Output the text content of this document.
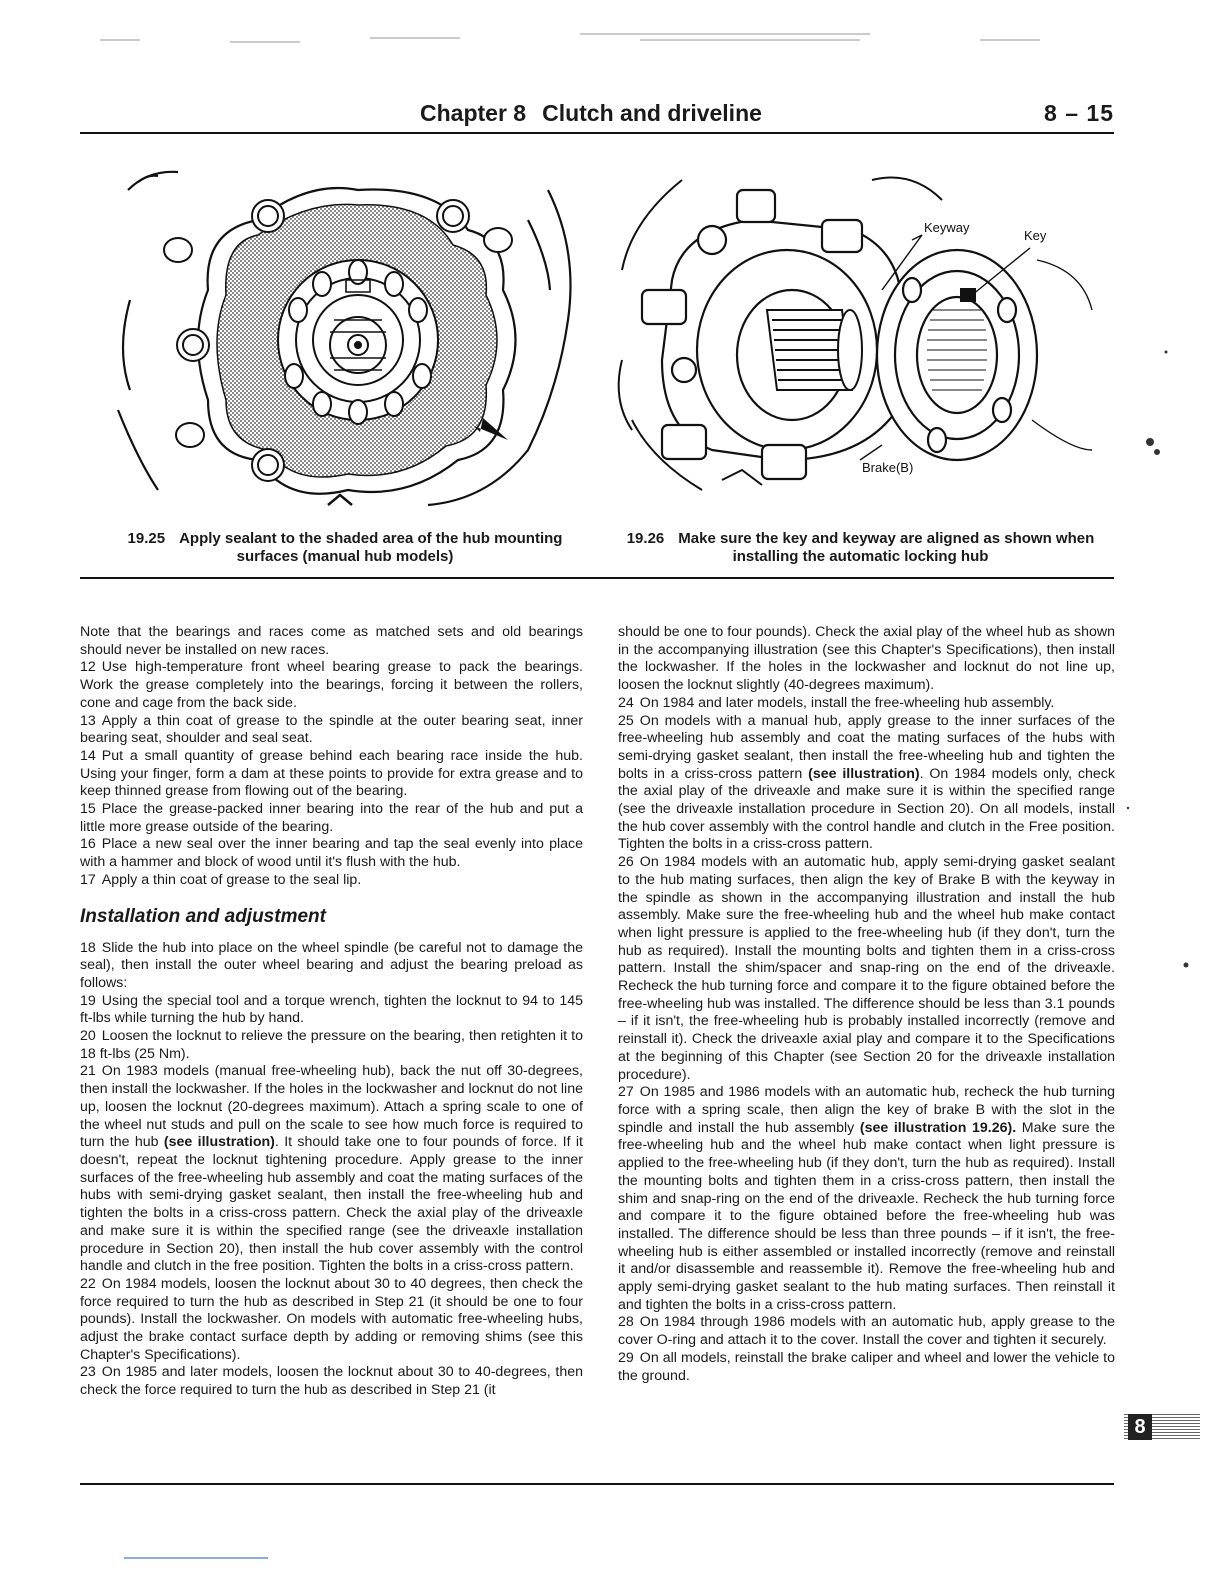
Chapter 8 Clutch and driveline	8 – 15
Keyway
Key
Brake(B)
19.25 Apply sealant to the shaded area of the hub mounting surfaces (manual hub models)
19.26 Make sure the key and keyway are aligned as shown when installing the automatic locking hub

Note that the bearings and races come as matched sets and old bearings should never be installed on new races.

12 Use high-temperature front wheel bearing grease to pack the bearings. Work the grease completely into the bearings, forcing it between the rollers, cone and cage from the back side.

13 Apply a thin coat of grease to the spindle at the outer bearing seat, inner bearing seat, shoulder and seal seat.

14 Put a small quantity of grease behind each bearing race inside the hub. Using your finger, form a dam at these points to provide for extra grease and to keep thinned grease from flowing out of the bearing.

15 Place the grease-packed inner bearing into the rear of the hub and put a little more grease outside of the bearing.

16 Place a new seal over the inner bearing and tap the seal evenly into place with a hammer and block of wood until it's flush with the hub.

17 Apply a thin coat of grease to the seal lip.

Installation and adjustment

18 Slide the hub into place on the wheel spindle (be careful not to damage the seal), then install the outer wheel bearing and adjust the bearing preload as follows:

19 Using the special tool and a torque wrench, tighten the locknut to 94 to 145 ft-lbs while turning the hub by hand.

20 Loosen the locknut to relieve the pressure on the bearing, then retighten it to 18 ft-lbs (25 Nm).

21 On 1983 models (manual free-wheeling hub), back the nut off 30-degrees, then install the lockwasher. If the holes in the lockwasher and locknut do not line up, loosen the locknut (20-degrees maximum). Attach a spring scale to one of the wheel nut studs and pull on the scale to see how much force is required to turn the hub (see illustration). It should take one to four pounds of force. If it doesn't, repeat the locknut tightening procedure. Apply grease to the inner surfaces of the free-wheeling hub assembly and coat the mating surfaces of the hubs with semi-drying gasket sealant, then install the free-wheeling hub and tighten the bolts in a criss-cross pattern. Check the axial play of the driveaxle and make sure it is within the specified range (see the driveaxle installation procedure in Section 20), then install the hub cover assembly with the control handle and clutch in the free position. Tighten the bolts in a criss-cross pattern.

22 On 1984 models, loosen the locknut about 30 to 40 degrees, then check the force required to turn the hub as described in Step 21 (it should be one to four pounds). Install the lockwasher. On models with automatic free-wheeling hubs, adjust the brake contact surface depth by adding or removing shims (see this Chapter's Specifications).

23 On 1985 and later models, loosen the locknut about 30 to 40-degrees, then check the force required to turn the hub as described in Step 21 (it

should be one to four pounds). Check the axial play of the wheel hub as shown in the accompanying illustration (see this Chapter's Specifications), then install the lockwasher. If the holes in the lockwasher and locknut do not line up, loosen the locknut slightly (40-degrees maximum).

24 On 1984 and later models, install the free-wheeling hub assembly.

25 On models with a manual hub, apply grease to the inner surfaces of the free-wheeling hub assembly and coat the mating surfaces of the hubs with semi-drying gasket sealant, then install the free-wheeling hub and tighten the bolts in a criss-cross pattern (see illustration). On 1984 models only, check the axial play of the driveaxle and make sure it is within the specified range (see the driveaxle installation procedure in Section 20). On all models, install the hub cover assembly with the control handle and clutch in the Free position. Tighten the bolts in a criss-cross pattern.

26 On 1984 models with an automatic hub, apply semi-drying gasket sealant to the hub mating surfaces, then align the key of Brake B with the keyway in the spindle as shown in the accompanying illustration and install the hub assembly. Make sure the free-wheeling hub and the wheel hub make contact when light pressure is applied to the free-wheeling hub (if they don't, turn the hub as required). Install the mounting bolts and tighten them in a criss-cross pattern. Install the shim/spacer and snap-ring on the end of the driveaxle. Recheck the hub turning force and compare it to the figure obtained before the free-wheeling hub was installed. The difference should be less than 3.1 pounds – if it isn't, the free-wheeling hub is probably installed incorrectly (remove and reinstall it). Check the driveaxle axial play and compare it to the Specifications at the beginning of this Chapter (see Section 20 for the driveaxle installation procedure).

27 On 1985 and 1986 models with an automatic hub, recheck the hub turning force with a spring scale, then align the key of brake B with the slot in the spindle and install the hub assembly (see illustration 19.26). Make sure the free-wheeling hub and the wheel hub make contact when light pressure is applied to the free-wheeling hub (if they don't, turn the hub as required). Install the mounting bolts and tighten them in a criss-cross pattern, then install the shim and snap-ring on the end of the driveaxle. Recheck the hub turning force and compare it to the figure obtained before the free-wheeling hub was installed. The difference should be less than three pounds – if it isn't, the free-wheeling hub is either assembled or installed incorrectly (remove and reinstall it and/or disassemble and reassemble it). Remove the free-wheeling hub and apply semi-drying gasket sealant to the hub mating surfaces. Then reinstall it and tighten the bolts in a criss-cross pattern.

28 On 1984 through 1986 models with an automatic hub, apply grease to the cover O-ring and attach it to the cover. Install the cover and tighten it securely.

29 On all models, reinstall the brake caliper and wheel and lower the vehicle to the ground.

8
